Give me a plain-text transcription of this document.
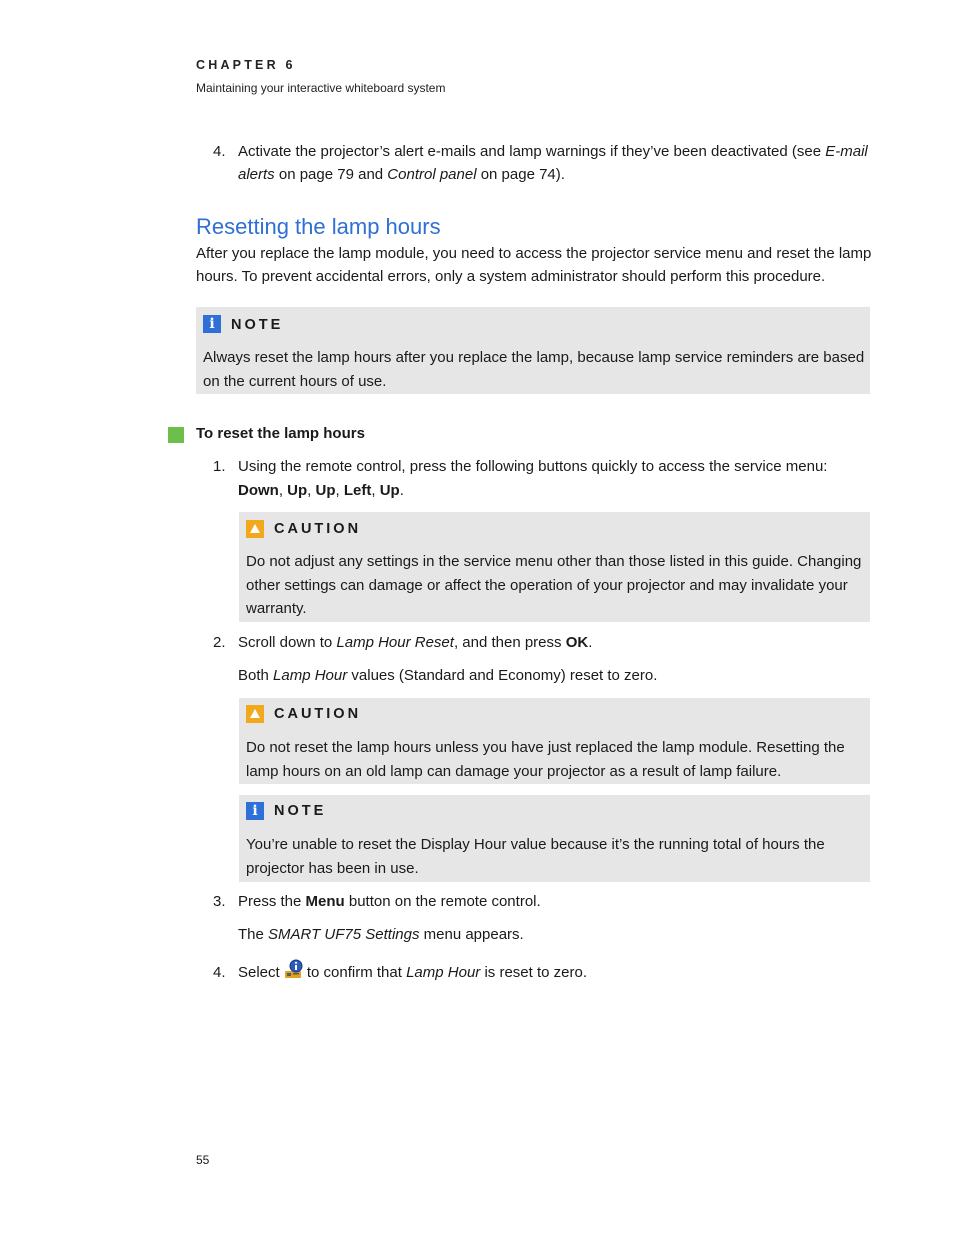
CHAPTER 6
Maintaining your interactive whiteboard system
4. Activate the projector’s alert e-mails and lamp warnings if they’ve been deactivated (see E-mail
alerts on page 79 and Control panel on page 74).
Resetting the lamp hours
After you replace the lamp module, you need to access the projector service menu and reset the lamp hours. To prevent accidental errors, only a system administrator should perform this procedure.
i	NOTE
Always reset the lamp hours after you replace the lamp, because lamp service reminders are based on the current hours of use.
To reset the lamp hours
1. Using the remote control, press the following buttons quickly to access the service menu:
Down, Up, Up, Left, Up.
CAUTION
Do not adjust any settings in the service menu other than those listed in this guide. Changing other settings can damage or affect the operation of your projector and may invalidate your warranty.
2. Scroll down to Lamp Hour Reset, and then press OK.
Both Lamp Hour values (Standard and Economy) reset to zero.
CAUTION
Do not reset the lamp hours unless you have just replaced the lamp module. Resetting the lamp hours on an old lamp can damage your projector as a result of lamp failure.
i	NOTE
You’re unable to reset the Display Hour value because it’s the running total of hours the projector has been in use.
3. Press the Menu button on the remote control.
The SMART UF75 Settings menu appears.
4. Select to confirm that Lamp Hour is reset to zero.
55
